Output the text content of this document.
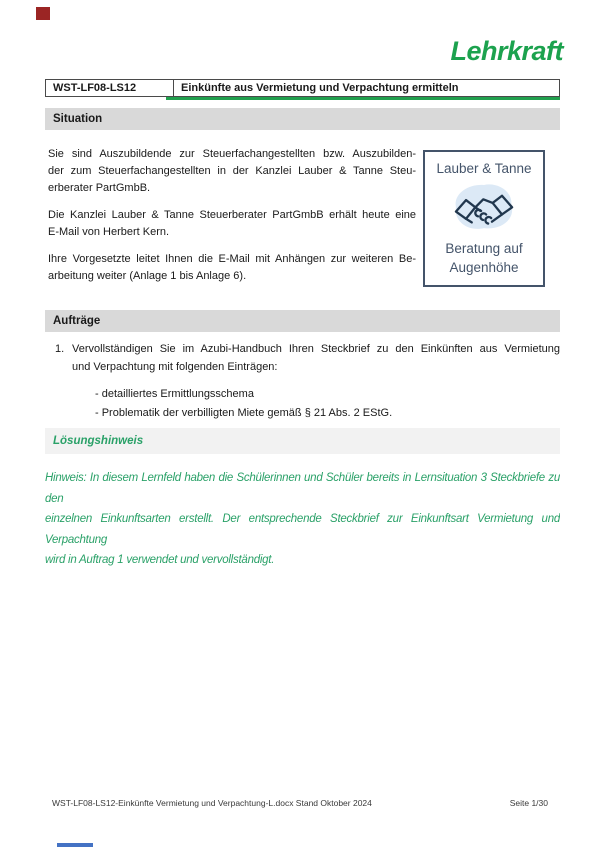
Lehrkraft
WST-LF08-LS12	Einkünfte aus Vermietung und Verpachtung ermitteln
Situation
Sie sind Auszubildende zur Steuerfachangestellten bzw. Auszubilden-
der zum Steuerfachangestellten in der Kanzlei Lauber & Tanne Steu-
erberater PartGmbB.
Die Kanzlei Lauber & Tanne Steuerberater PartGmbB erhält heute eine
E-Mail von Herbert Kern.
Ihre Vorgesetzte leitet Ihnen die E-Mail mit Anhängen zur weiteren Be-
arbeitung weiter (Anlage 1 bis Anlage 6).
Lauber & Tanne
Beratung auf
Augenhöhe
Aufträge
1. Vervollständigen Sie im Azubi-Handbuch Ihren Steckbrief zu den Einkünften aus Vermietung
und Verpachtung mit folgenden Einträgen:
- detailliertes Ermittlungsschema
- Problematik der verbilligten Miete gemäß § 21 Abs. 2 EStG.
Lösungshinweis
Hinweis: In diesem Lernfeld haben die Schülerinnen und Schüler bereits in Lernsituation 3 Steckbriefe zu den
einzelnen Einkunftsarten erstellt. Der entsprechende Steckbrief zur Einkunftsart Vermietung und Verpachtung
wird in Auftrag 1 verwendet und vervollständigt.
WST-LF08-LS12-Einkünfte Vermietung und Verpachtung-L.docx Stand Oktober 2024	Seite 1/30
